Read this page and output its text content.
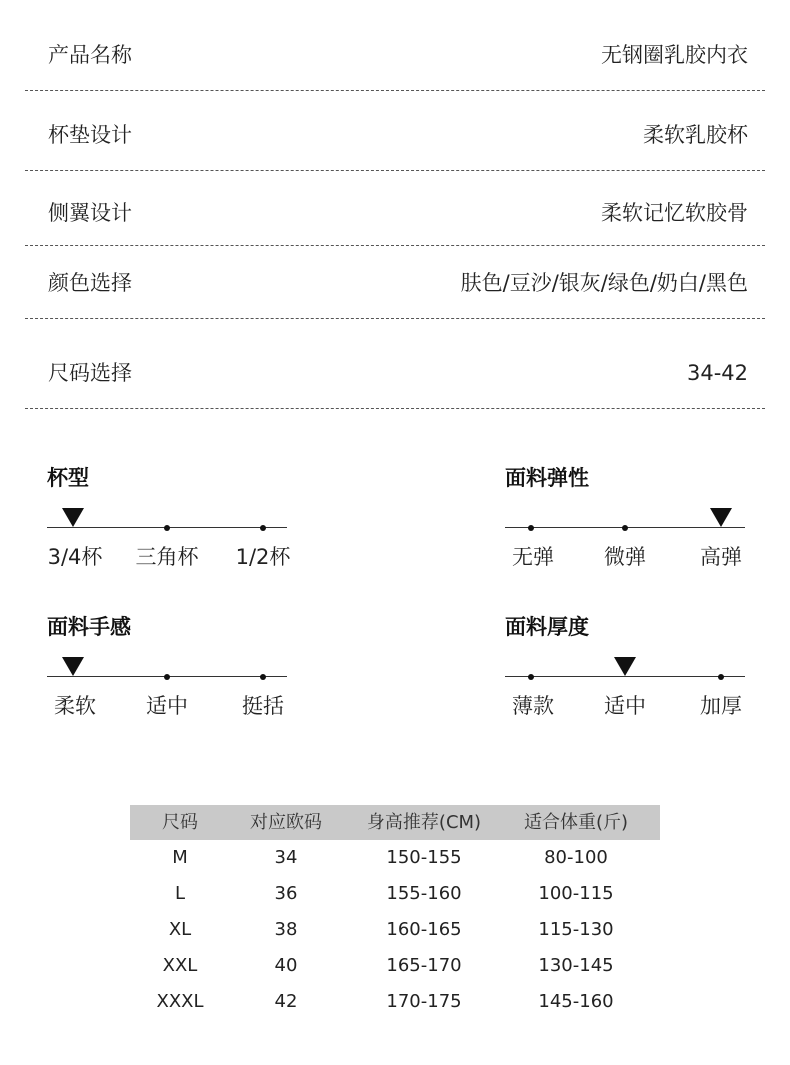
产品名称	无钢圈乳胶内衣
杯垫设计	柔软乳胶杯
侧翼设计	柔软记忆软胶骨
颜色选择	肤色/豆沙/银灰/绿色/奶白/黑色
尺码选择	34-42
杯型
3/4杯	三角杯	1/2杯
面料弹性
无弹	微弹	高弹
面料手感
柔软	适中	挺括
面料厚度
薄款	适中	加厚
尺码	对应欧码	身高推荐(CM)	适合体重(斤)
M	34	150-155	80-100
L	36	155-160	100-115
XL	38	160-165	115-130
XXL	40	165-170	130-145
XXXL	42	170-175	145-160
